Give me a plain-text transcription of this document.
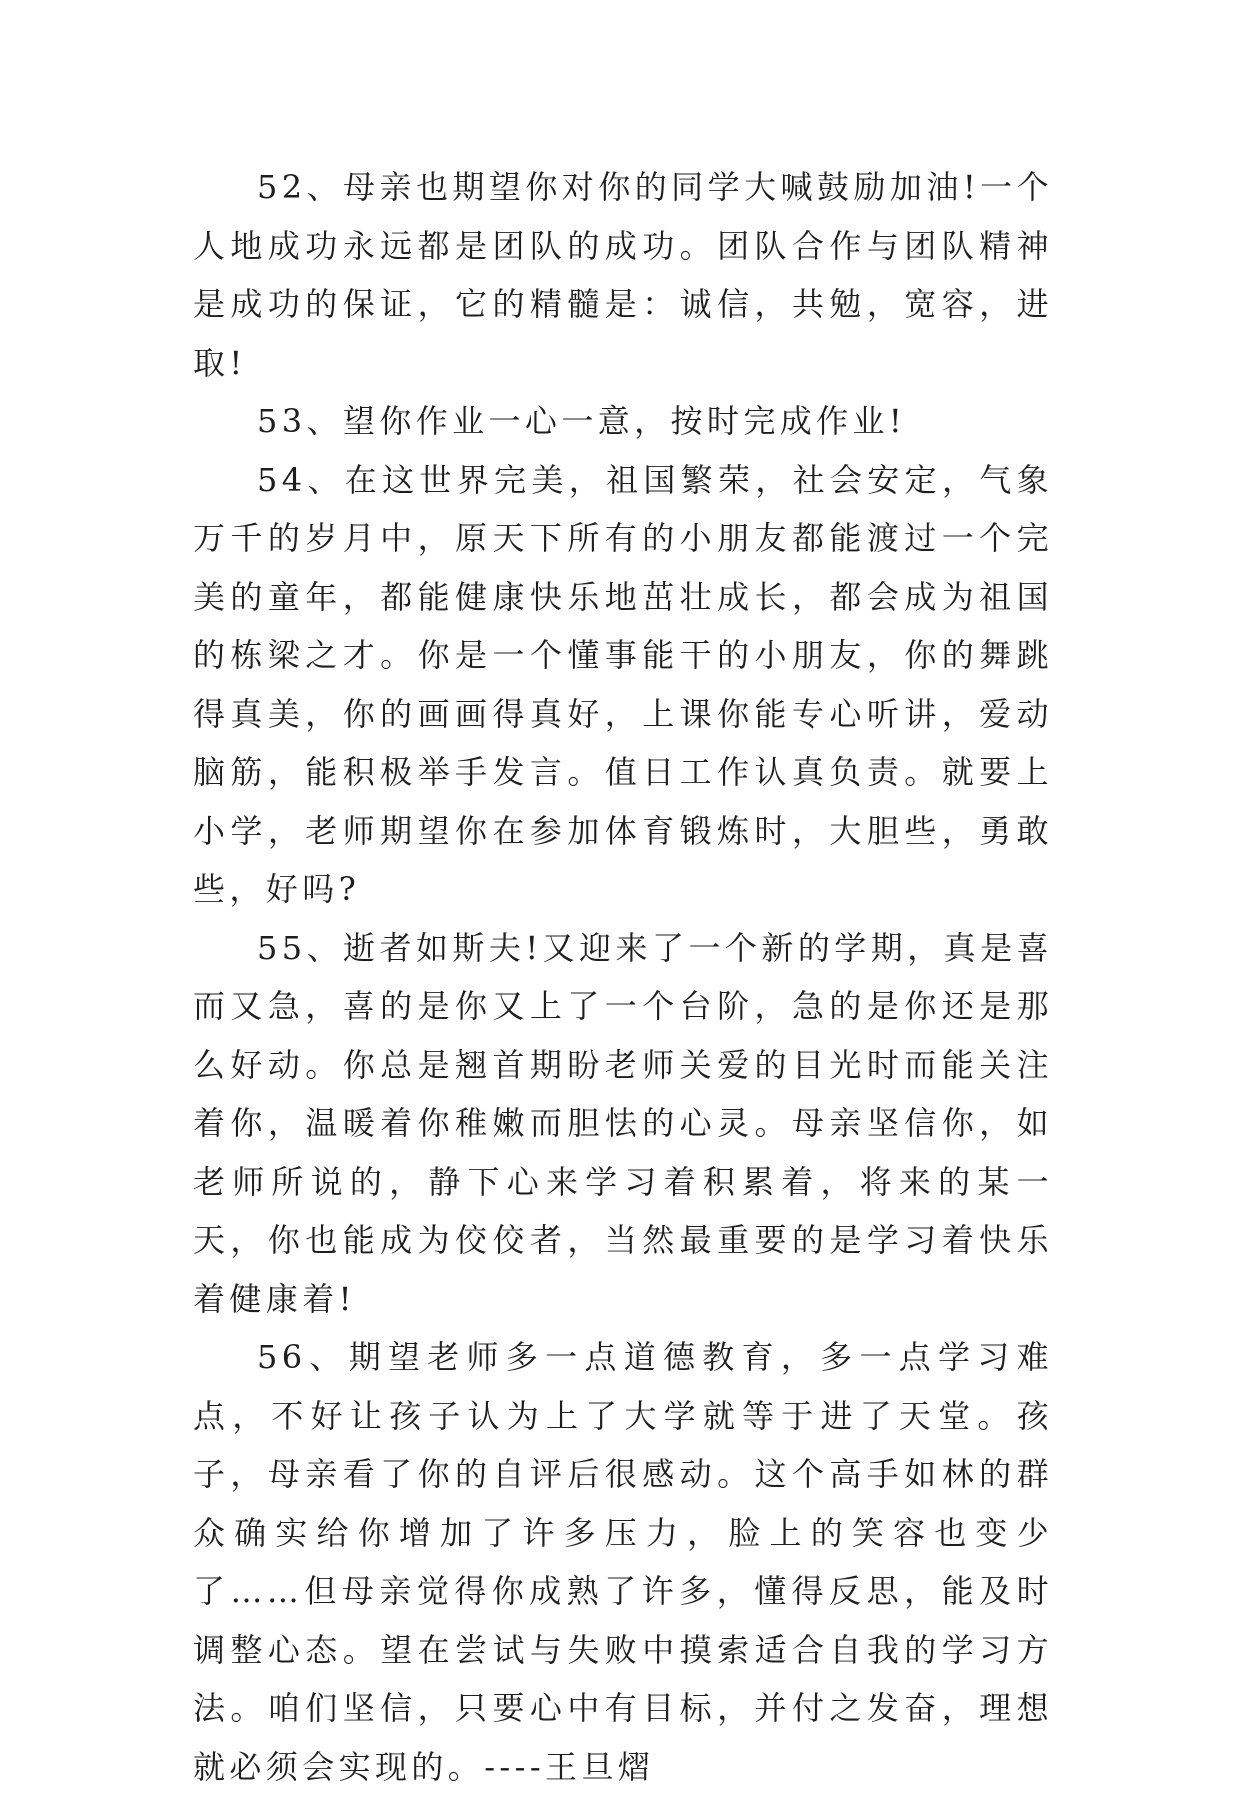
52、母亲也期望你对你的同学大喊鼓励加油!一个人地成功永远都是团队的成功。团队合作与团队精神是成功的保证，它的精髓是：诚信，共勉，宽容，进取!

53、望你作业一心一意，按时完成作业!

54、在这世界完美，祖国繁荣，社会安定，气象万千的岁月中，原天下所有的小朋友都能渡过一个完美的童年，都能健康快乐地茁壮成长，都会成为祖国的栋梁之才。你是一个懂事能干的小朋友，你的舞跳得真美，你的画画得真好，上课你能专心听讲，爱动脑筋，能积极举手发言。值日工作认真负责。就要上小学，老师期望你在参加体育锻炼时，大胆些，勇敢些，好吗?

55、逝者如斯夫!又迎来了一个新的学期，真是喜而又急，喜的是你又上了一个台阶，急的是你还是那么好动。你总是翘首期盼老师关爱的目光时而能关注着你，温暖着你稚嫩而胆怯的心灵。母亲坚信你，如老师所说的，静下心来学习着积累着，将来的某一天，你也能成为佼佼者，当然最重要的是学习着快乐着健康着!

56、期望老师多一点道德教育，多一点学习难点，不好让孩子认为上了大学就等于进了天堂。孩子，母亲看了你的自评后很感动。这个高手如林的群众确实给你增加了许多压力，脸上的笑容也变少了……但母亲觉得你成熟了许多，懂得反思，能及时调整心态。望在尝试与失败中摸索适合自我的学习方法。咱们坚信，只要心中有目标，并付之发奋，理想就必须会实现的。----王旦熠
